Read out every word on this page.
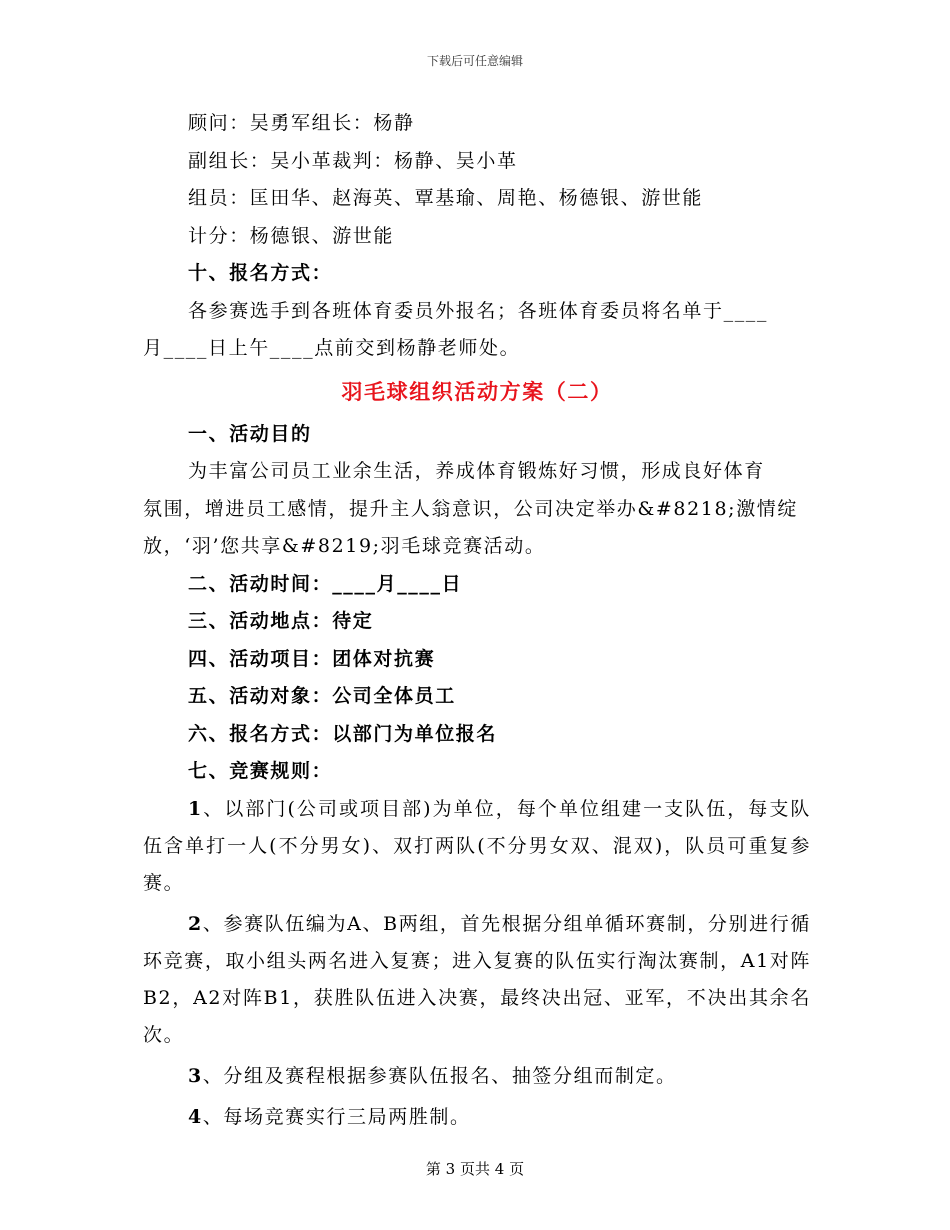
下载后可任意编辑
顾问：吴勇军组长：杨静
副组长：吴小革裁判：杨静、吴小革
组员：匡田华、赵海英、覃基瑜、周艳、杨德银、游世能
计分：杨德银、游世能
十、报名方式：
各参赛选手到各班体育委员外报名；各班体育委员将名单于____
月____日上午____点前交到杨静老师处。
羽毛球组织活动方案（二）
一、活动目的
为丰富公司员工业余生活，养成体育锻炼好习惯，形成良好体育
氛围，增进员工感情，提升主人翁意识，公司决定举办&#8218;激情绽
放，‘羽’您共享&#8219;羽毛球竞赛活动。
二、活动时间：____月____日
三、活动地点：待定
四、活动项目：团体对抗赛
五、活动对象：公司全体员工
六、报名方式：以部门为单位报名
七、竞赛规则：

1、以部门(公司或项目部)为单位，每个单位组建一支队伍，每支队伍含单打一人(不分男女)、双打两队(不分男女双、混双)，队员可重复参赛。

2、参赛队伍编为A、B两组，首先根据分组单循环赛制，分别进行循环竞赛，取小组头两名进入复赛；进入复赛的队伍实行淘汰赛制，A1对阵B2，A2对阵B1，获胜队伍进入决赛，最终决出冠、亚军，不决出其余名次。

3、分组及赛程根据参赛队伍报名、抽签分组而制定。

4、每场竞赛实行三局两胜制。

第 3 页共 4 页
